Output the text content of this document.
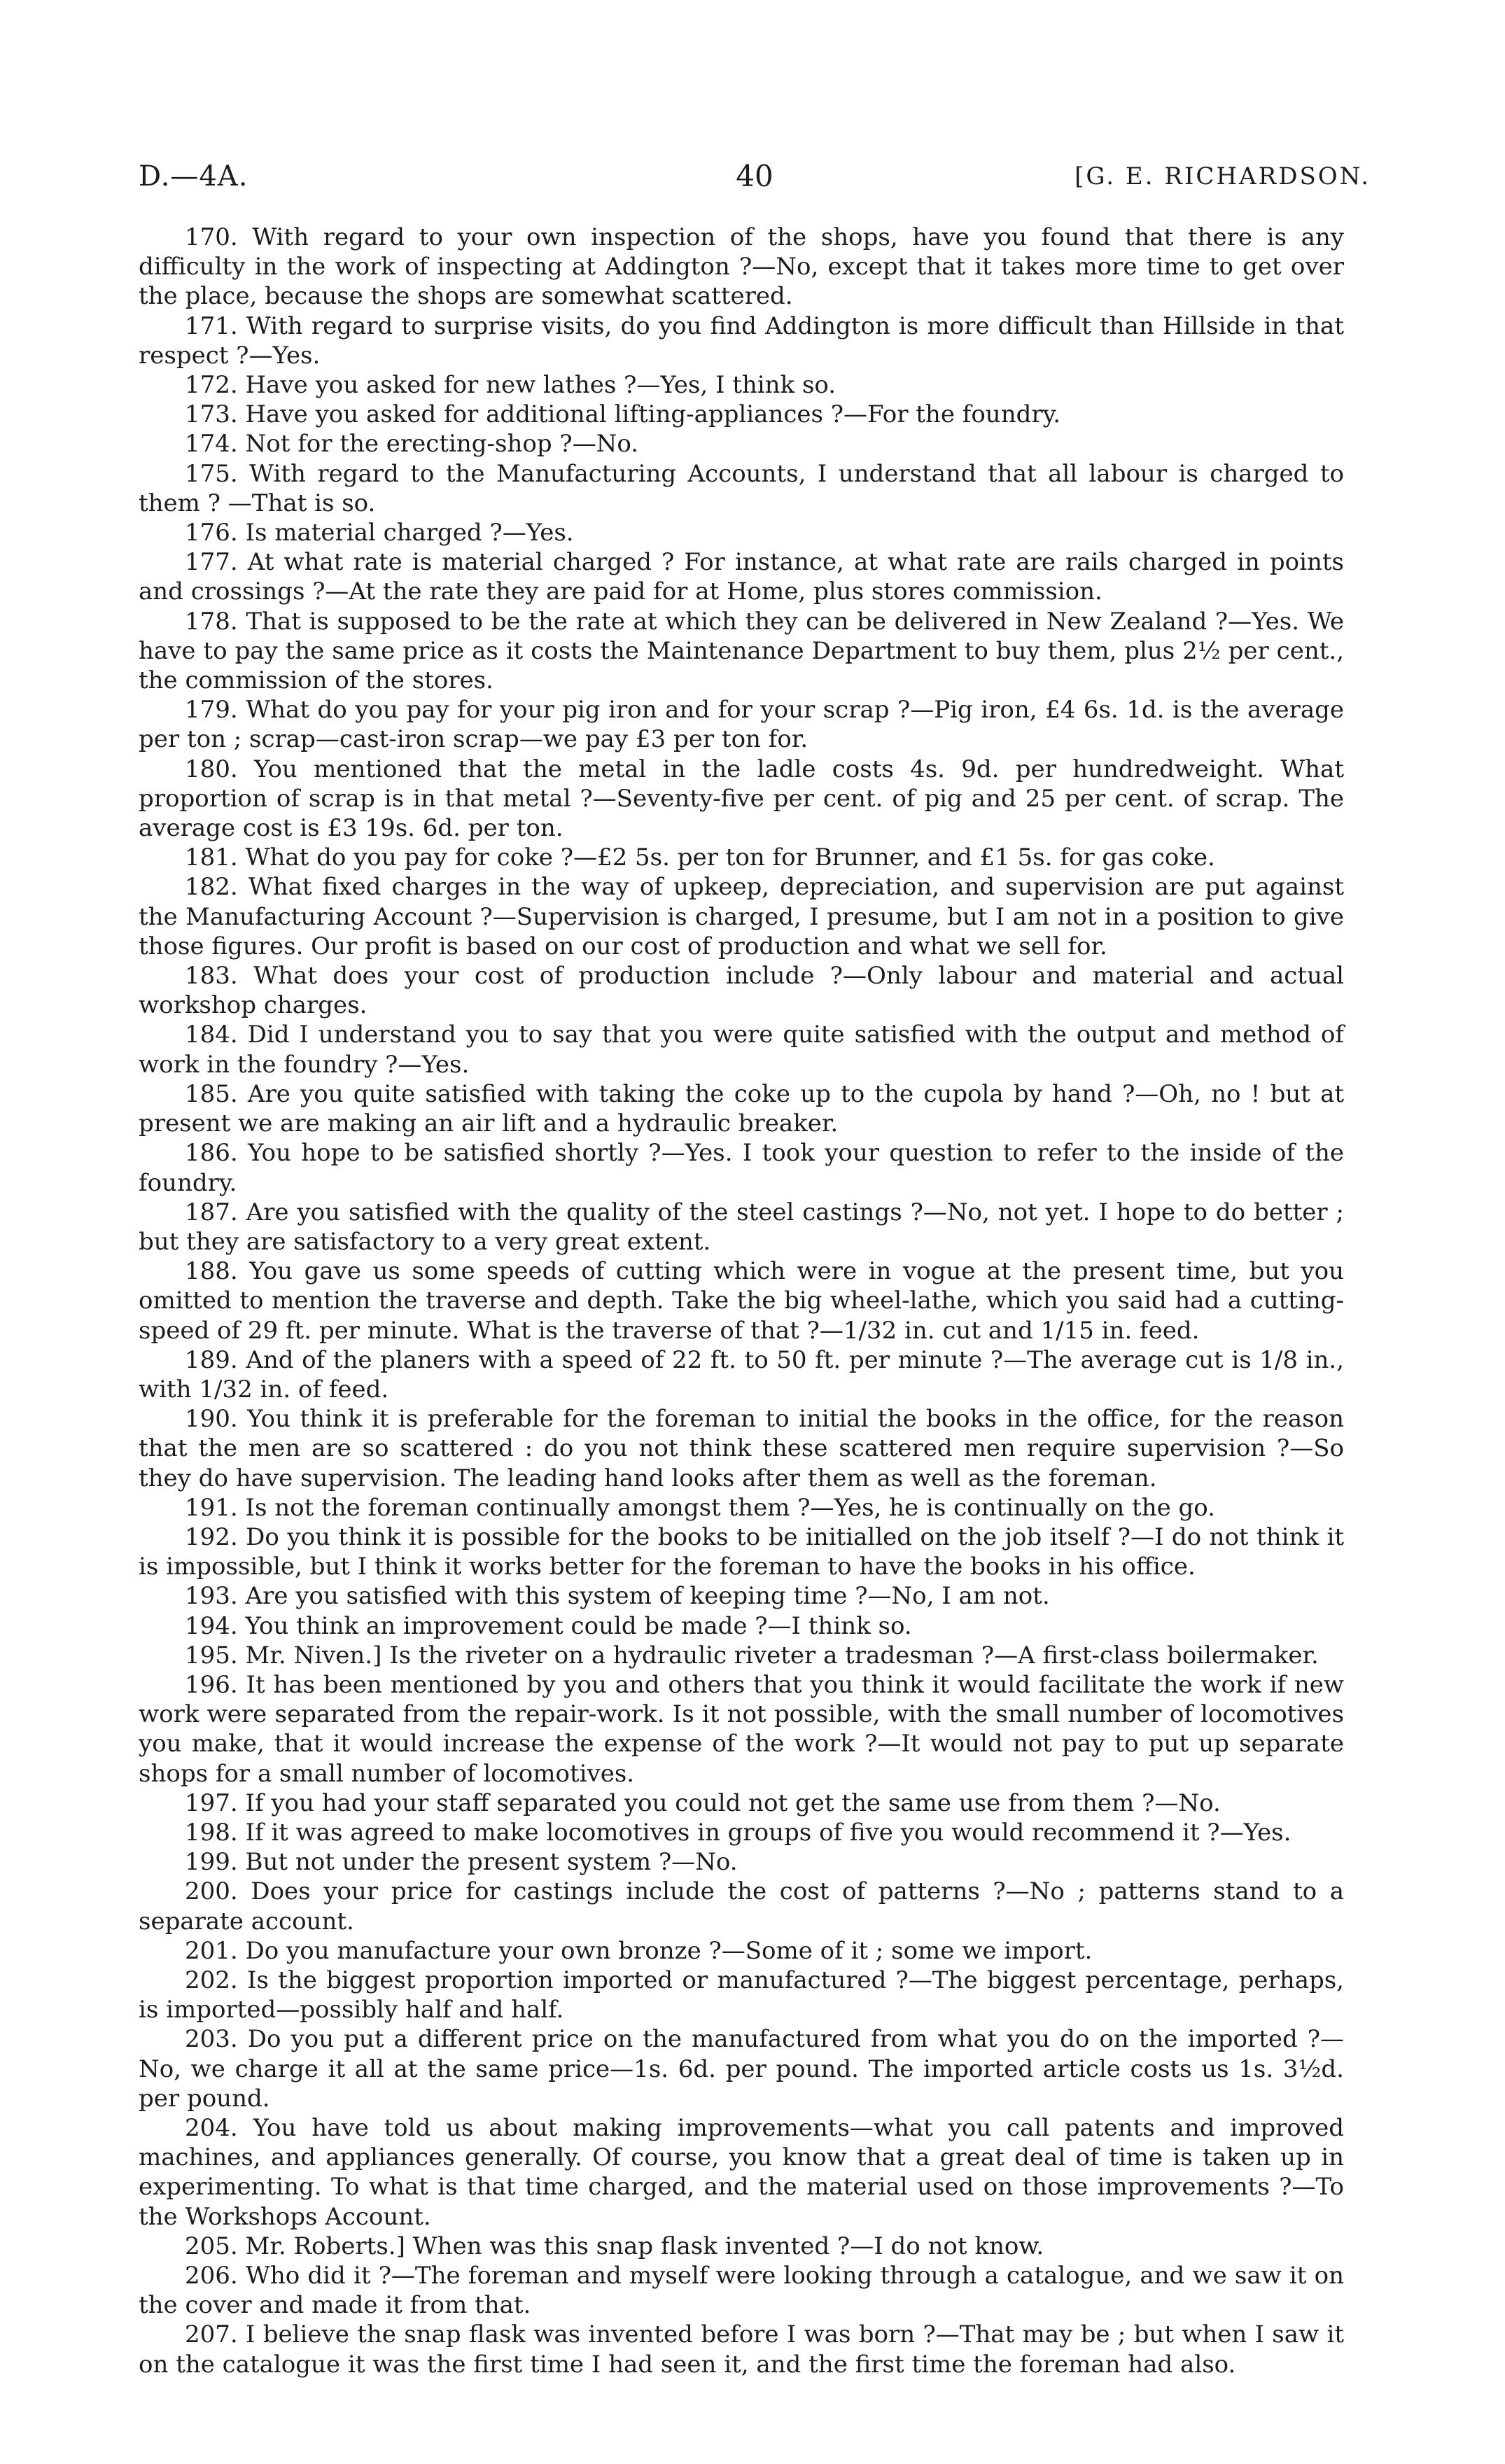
D.—4A.	40	[G. E. RICHARDSON.

170. With regard to your own inspection of the shops, have you found that there is any difficulty in the work of inspecting at Addington ?—No, except that it takes more time to get over the place, because the shops are somewhat scattered.

171. With regard to surprise visits, do you find Addington is more difficult than Hillside in that respect ?—Yes.

172. Have you asked for new lathes ?—Yes, I think so.

173. Have you asked for additional lifting-appliances ?—For the foundry.

174. Not for the erecting-shop ?—No.

175. With regard to the Manufacturing Accounts, I understand that all labour is charged to them ? —That is so.

176. Is material charged ?—Yes.

177. At what rate is material charged ? For instance, at what rate are rails charged in points and crossings ?—At the rate they are paid for at Home, plus stores commission.

178. That is supposed to be the rate at which they can be delivered in New Zealand ?—Yes. We have to pay the same price as it costs the Maintenance Department to buy them, plus 2½ per cent., the commission of the stores.

179. What do you pay for your pig iron and for your scrap ?—Pig iron, £4 6s. 1d. is the average per ton ; scrap—cast-iron scrap—we pay £3 per ton for.

180. You mentioned that the metal in the ladle costs 4s. 9d. per hundredweight. What proportion of scrap is in that metal ?—Seventy-five per cent. of pig and 25 per cent. of scrap. The average cost is £3 19s. 6d. per ton.

181. What do you pay for coke ?—£2 5s. per ton for Brunner, and £1 5s. for gas coke.

182. What fixed charges in the way of upkeep, depreciation, and supervision are put against the Manufacturing Account ?—Supervision is charged, I presume, but I am not in a position to give those figures. Our profit is based on our cost of production and what we sell for.

183. What does your cost of production include ?—Only labour and material and actual workshop charges.

184. Did I understand you to say that you were quite satisfied with the output and method of work in the foundry ?—Yes.

185. Are you quite satisfied with taking the coke up to the cupola by hand ?—Oh, no ! but at present we are making an air lift and a hydraulic breaker.

186. You hope to be satisfied shortly ?—Yes. I took your question to refer to the inside of the foundry.

187. Are you satisfied with the quality of the steel castings ?—No, not yet. I hope to do better ; but they are satisfactory to a very great extent.

188. You gave us some speeds of cutting which were in vogue at the present time, but you omitted to mention the traverse and depth. Take the big wheel-lathe, which you said had a cutting-speed of 29 ft. per minute. What is the traverse of that ?—1/32 in. cut and 1/15 in. feed.

189. And of the planers with a speed of 22 ft. to 50 ft. per minute ?—The average cut is 1/8 in., with 1/32 in. of feed.

190. You think it is preferable for the foreman to initial the books in the office, for the reason that the men are so scattered : do you not think these scattered men require supervision ?—So they do have supervision. The leading hand looks after them as well as the foreman.

191. Is not the foreman continually amongst them ?—Yes, he is continually on the go.

192. Do you think it is possible for the books to be initialled on the job itself ?—I do not think it is impossible, but I think it works better for the foreman to have the books in his office.

193. Are you satisfied with this system of keeping time ?—No, I am not.

194. You think an improvement could be made ?—I think so.

195. Mr. Niven.] Is the riveter on a hydraulic riveter a tradesman ?—A first-class boilermaker.

196. It has been mentioned by you and others that you think it would facilitate the work if new work were separated from the repair-work. Is it not possible, with the small number of locomotives you make, that it would increase the expense of the work ?—It would not pay to put up separate shops for a small number of locomotives.

197. If you had your staff separated you could not get the same use from them ?—No.

198. If it was agreed to make locomotives in groups of five you would recommend it ?—Yes.

199. But not under the present system ?—No.

200. Does your price for castings include the cost of patterns ?—No ; patterns stand to a separate account.

201. Do you manufacture your own bronze ?—Some of it ; some we import.

202. Is the biggest proportion imported or manufactured ?—The biggest percentage, perhaps, is imported—possibly half and half.

203. Do you put a different price on the manufactured from what you do on the imported ?—No, we charge it all at the same price—1s. 6d. per pound. The imported article costs us 1s. 3½d. per pound.

204. You have told us about making improvements—what you call patents and improved machines, and appliances generally. Of course, you know that a great deal of time is taken up in experimenting. To what is that time charged, and the material used on those improvements ?—To the Workshops Account.

205. Mr. Roberts.] When was this snap flask invented ?—I do not know.

206. Who did it ?—The foreman and myself were looking through a catalogue, and we saw it on the cover and made it from that.

207. I believe the snap flask was invented before I was born ?—That may be ; but when I saw it on the catalogue it was the first time I had seen it, and the first time the foreman had also.
